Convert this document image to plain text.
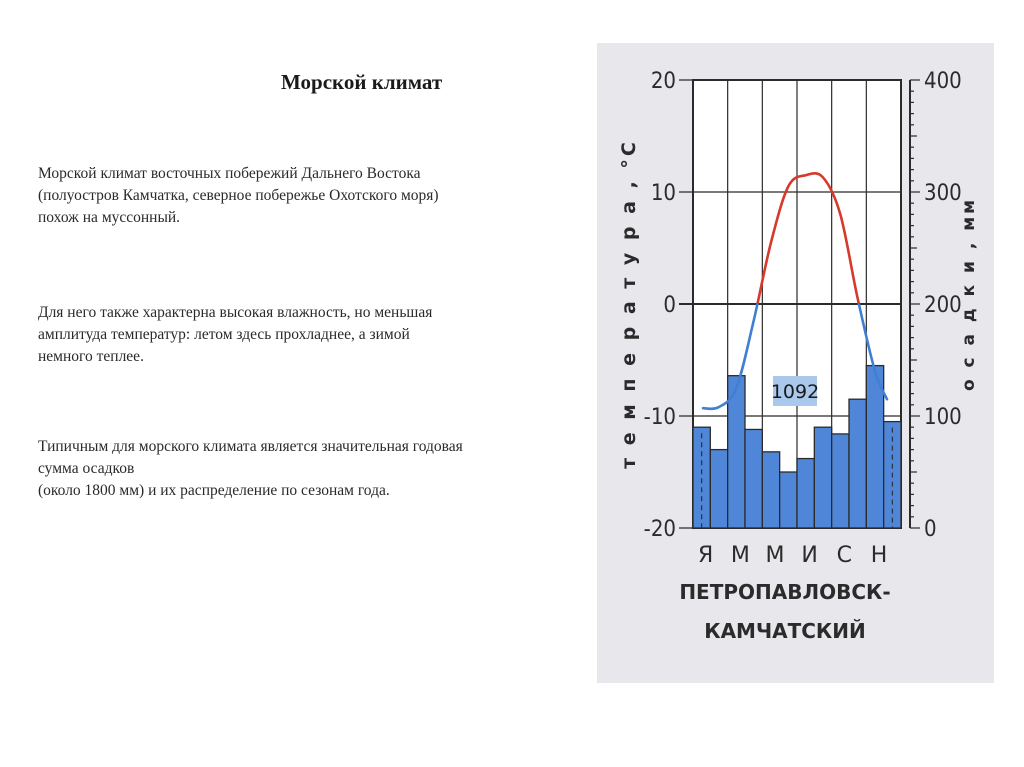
Морской климат

Морской климат восточных побережий Дальнего Востока
(полуостров Камчатка, северное побережье Охотского моря)
похож на муссонный.

Для него также характерна высокая влажность, но меньшая
амплитуда температур: летом здесь прохладнее, а зимой
немного теплее.

Типичным для морского климата является значительная годовая
сумма осадков
(около 1800 мм) и их распределение по сезонам года.

-20
-10
0
10
20
0
100
200
300
400
т е м п е р а т у р а , °C	о с а д к и , мм
1092
Я М М И С Н
ПЕТРОПАВЛОВСК-
КАМЧАТСКИЙ
